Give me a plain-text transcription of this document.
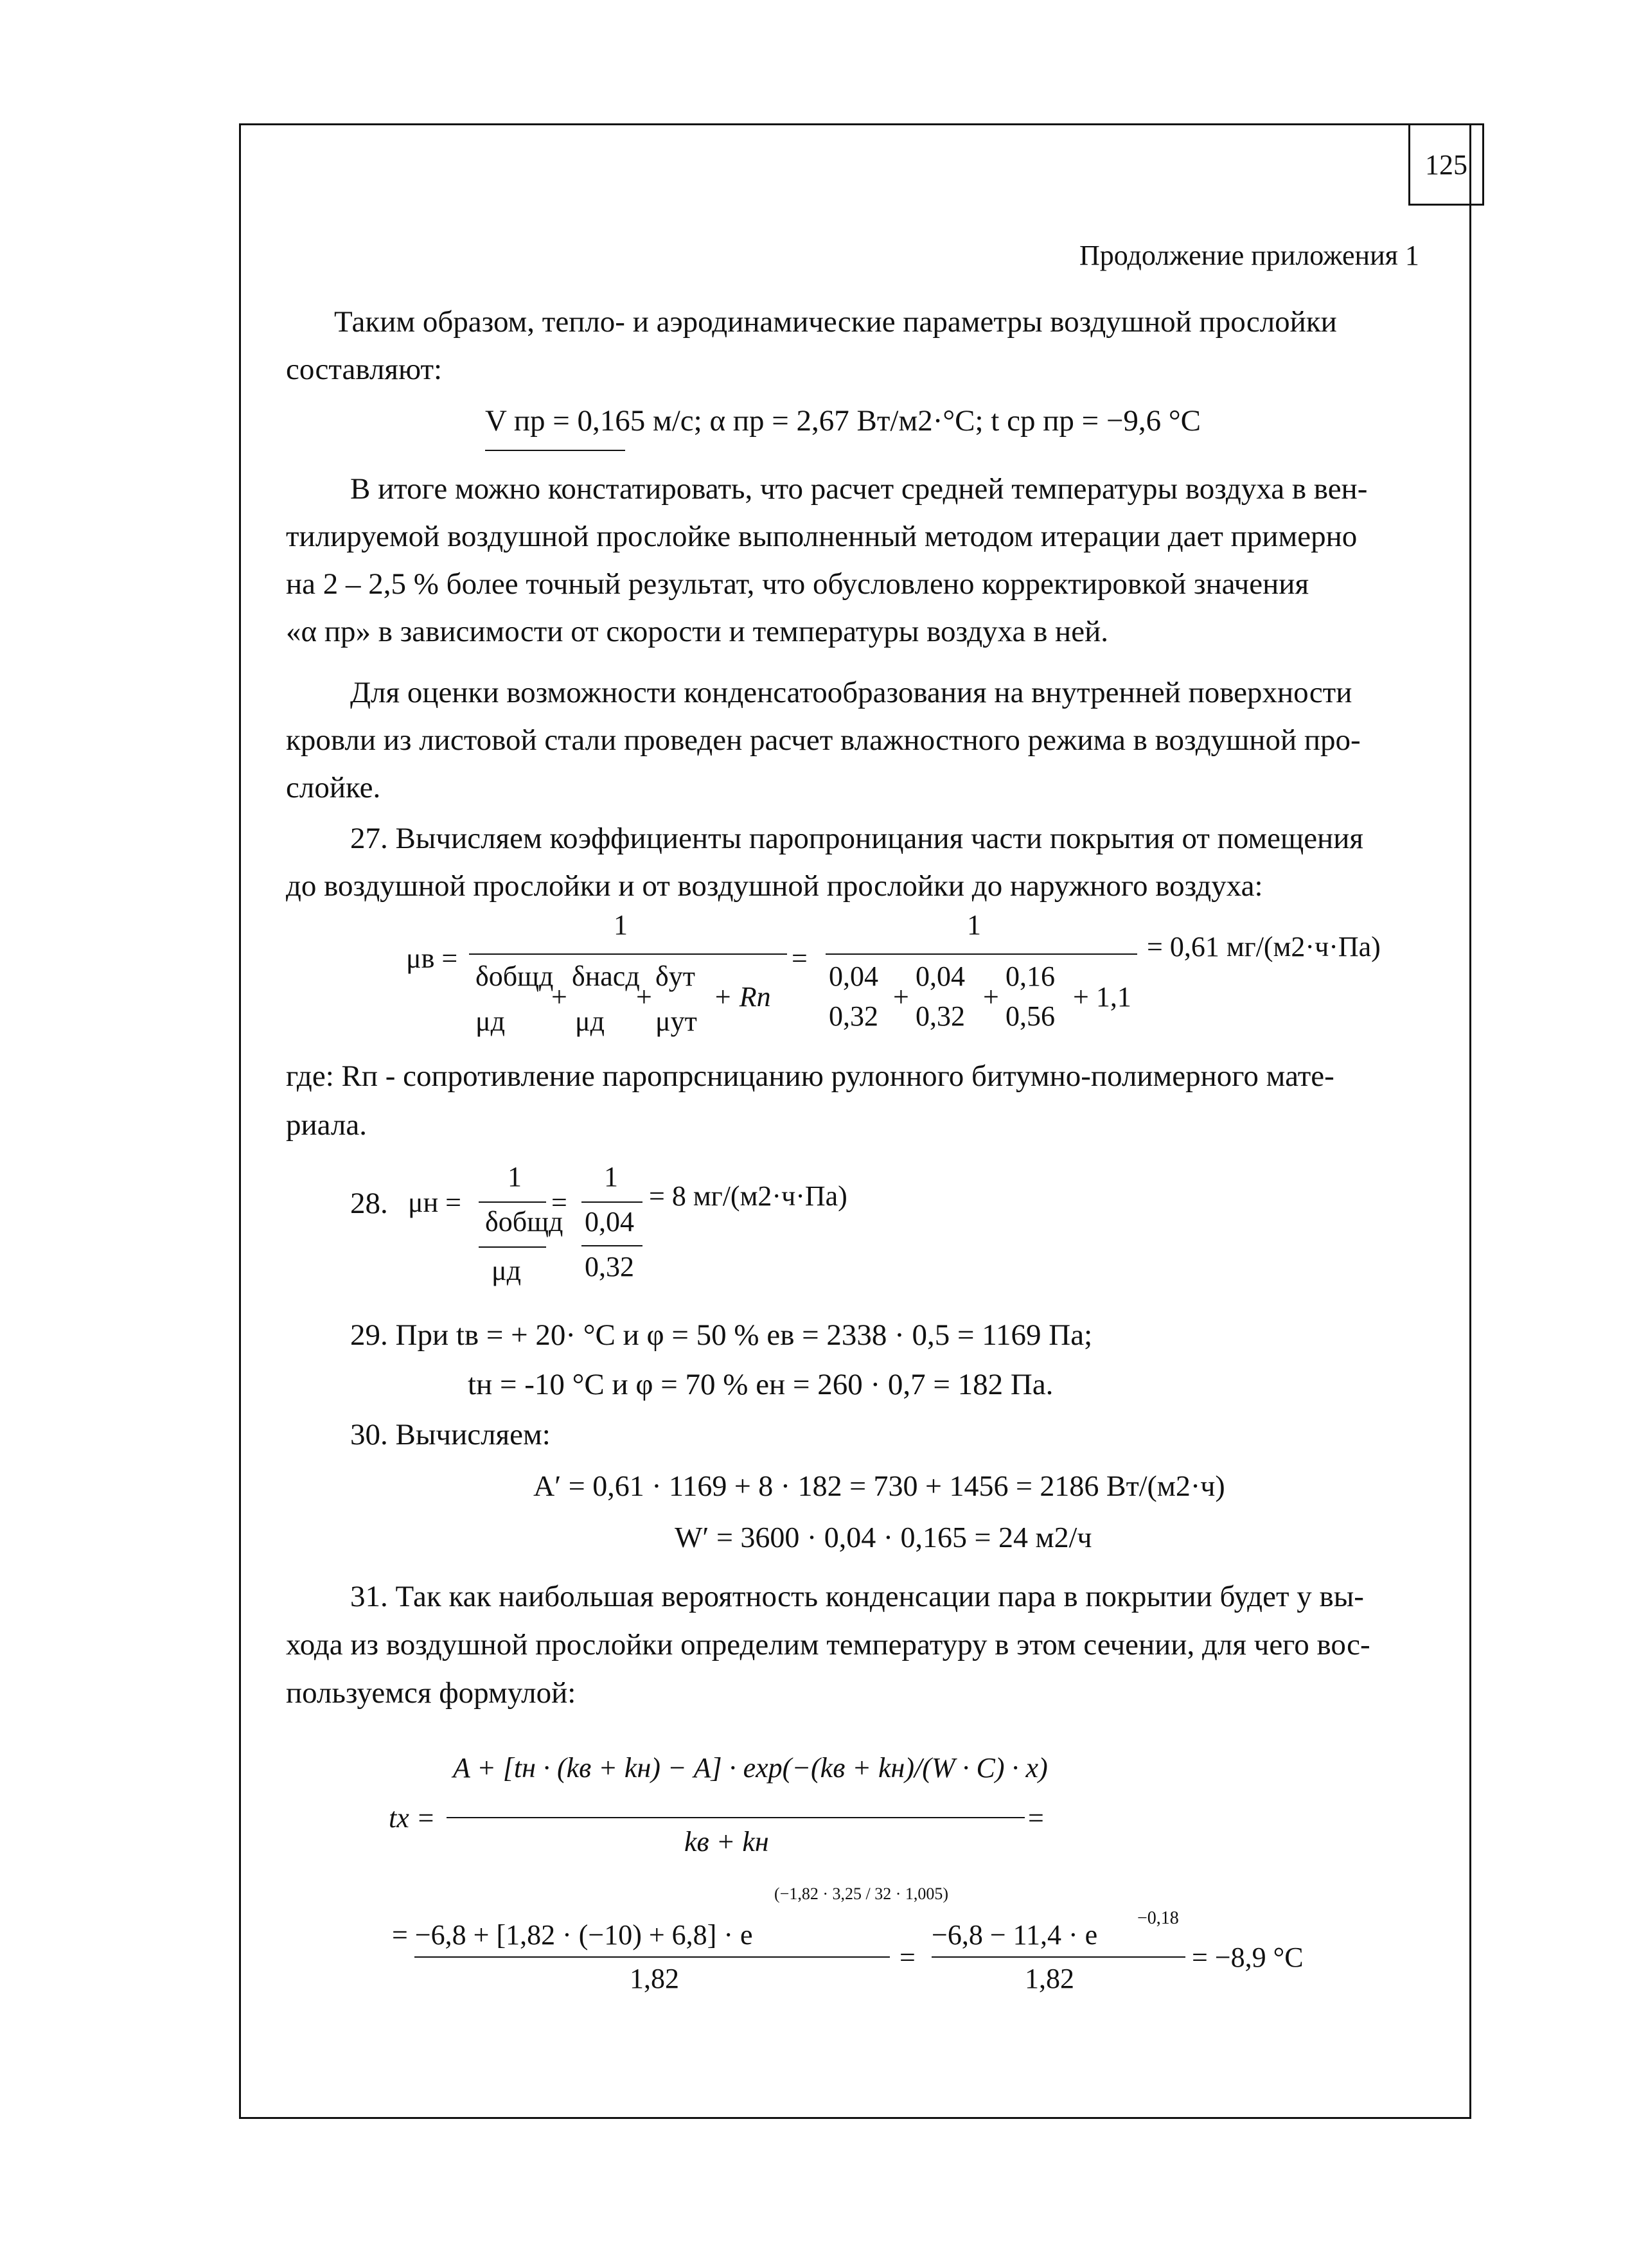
125
Продолжение приложения 1
Таким образом, тепло- и аэродинамические параметры воздушной прослойки
составляют:
V пр = 0,165 м/с; α пр = 2,67 Вт/м2·°С; t ср пр = −9,6 °С
В итоге можно констатировать, что расчет средней температуры воздуха в вен-
тилируемой воздушной прослойке выполненный методом итерации дает примерно
на 2 – 2,5 % более точный результат, что обусловлено корректировкой значения
«α пр» в зависимости от скорости и температуры воздуха в ней.
Для оценки возможности конденсатообразования на внутренней поверхности
кровли из листовой стали проведен расчет влажностного режима в воздушной про-
слойке.
27. Вычисляем коэффициенты паропроницания части покрытия от помещения
до воздушной прослойки и от воздушной прослойки до наружного воздуха:
μв =
1
δобщд
μд
+
δнасд
μд
+
δут
μут
+ Rп
=
1
0,04
0,32
+
0,04
0,32
+
0,16
0,56
+ 1,1
= 0,61 мг/(м2·ч·Па)
где: Rп - сопротивление паропрсницанию рулонного битумно-полимерного мате-
риала.
28. μн =
1
δобщд
μд
=
1
0,04
0,32
= 8 мг/(м2·ч·Па)
29. При tв = + 20· °С и φ = 50 % eв = 2338 · 0,5 = 1169 Па;
tн = -10 °С и φ = 70 % eн = 260 · 0,7 = 182 Па.
30. Вычисляем:
A′ = 0,61 · 1169 + 8 · 182 = 730 + 1456 = 2186 Вт/(м2·ч)
W′ = 3600 · 0,04 · 0,165 = 24 м2/ч
31. Так как наибольшая вероятность конденсации пара в покрытии будет у вы-
хода из воздушной прослойки определим температуру в этом сечении, для чего вос-
пользуемся формулой:
tx =
A + [tн · (kв + kн) − A] · exp(−(kв + kн)/(W · C) · x)
kв + kн
=
= −6,8 + [1,82 · (−10) + 6,8] · e
(−1,82 · 3,25 / 32 · 1,005)
1,82
=
−6,8 − 11,4 · e
−0,18
1,82
= −8,9 °C
